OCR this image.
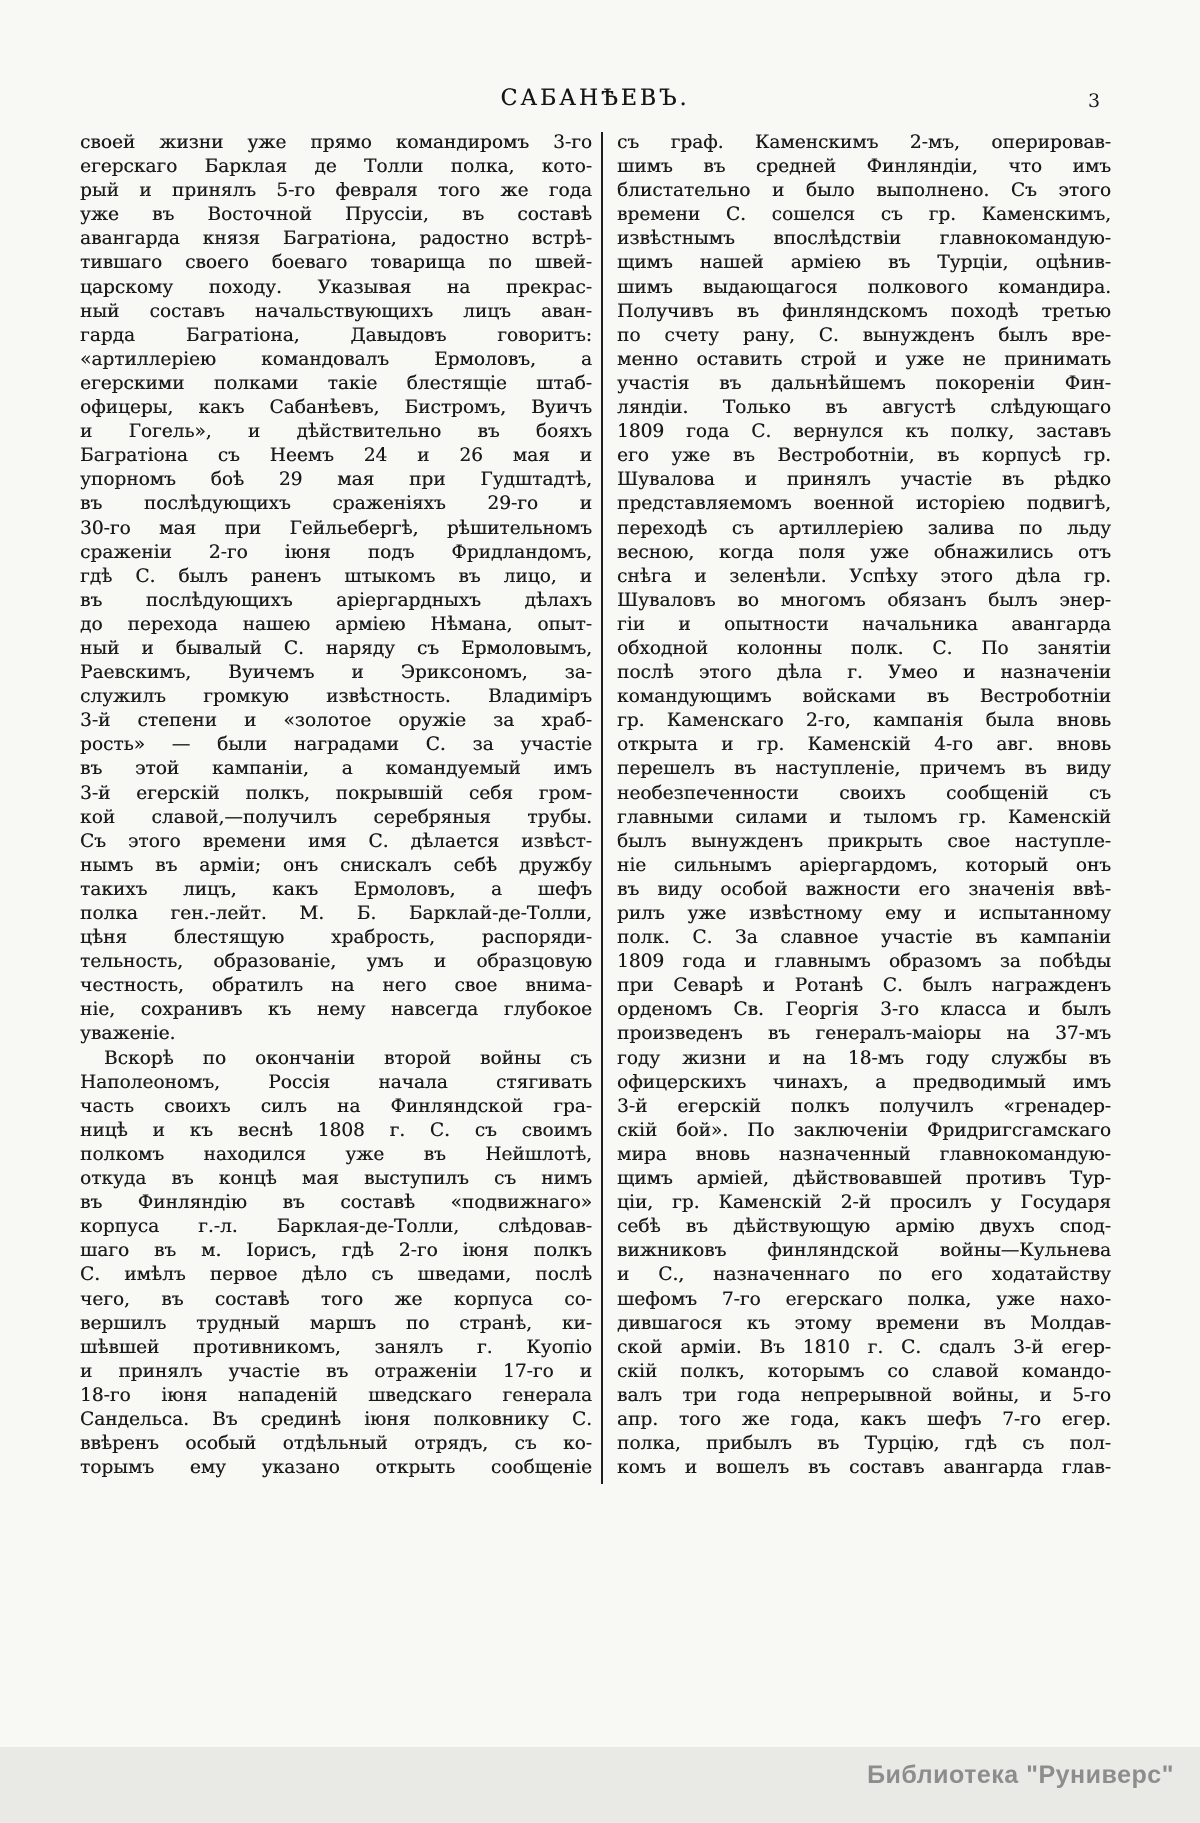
САБАНѢЕВЪ.	3
своей жизни уже прямо командиромъ 3-го
егерскаго Барклая де Толли полка, кото-
рый и принялъ 5-го февраля того же года
уже въ Восточной Пруссіи, въ составѣ
авангарда князя Багратіона, радостно встрѣ-
тившаго своего боеваго товарища по швей-
царскому походу. Указывая на прекрас-
ный составъ начальствующихъ лицъ аван-
гарда Багратіона, Давыдовъ говоритъ:
«артиллеріею командовалъ Ермоловъ, а
егерскими полками такіе блестящіе штаб-
офицеры, какъ Сабанѣевъ, Бистромъ, Вуичъ
и Гогель», и дѣйствительно въ бояхъ
Багратіона съ Неемъ 24 и 26 мая и
упорномъ боѣ 29 мая при Гудштадтѣ,
въ послѣдующихъ сраженіяхъ 29-го и
30-го мая при Гейльебергѣ, рѣшительномъ
сраженіи 2-го іюня подъ Фридландомъ,
гдѣ С. былъ раненъ штыкомъ въ лицо, и
въ послѣдующихъ аріергардныхъ дѣлахъ
до перехода нашею арміею Нѣмана, опыт-
ный и бывалый С. наряду съ Ермоловымъ,
Раевскимъ, Вуичемъ и Эриксономъ, за-
служилъ громкую извѣстность. Владиміръ
3-й степени и «золотое оружіе за храб-
рость» — были наградами С. за участіе
въ этой кампаніи, а командуемый имъ
3-й егерскій полкъ, покрывшій себя гром-
кой славой,—получилъ серебряныя трубы.
Съ этого времени имя С. дѣлается извѣст-
нымъ въ арміи; онъ снискалъ себѣ дружбу
такихъ лицъ, какъ Ермоловъ, а шефъ
полка ген.-лейт. М. Б. Барклай-де-Толли,
цѣня блестящую храбрость, распоряди-
тельность, образованіе, умъ и образцовую
честность, обратилъ на него свое внима-
ніе, сохранивъ къ нему навсегда глубокое
уваженіе.
Вскорѣ по окончаніи второй войны съ
Наполеономъ, Россія начала стягивать
часть своихъ силъ на Финляндской гра-
ницѣ и къ веснѣ 1808 г. С. съ своимъ
полкомъ находился уже въ Нейшлотѣ,
откуда въ концѣ мая выступилъ съ нимъ
въ Финляндію въ составѣ «подвижнаго»
корпуса г.-л. Барклая-де-Толли, слѣдовав-
шаго въ м. Іорисъ, гдѣ 2-го іюня полкъ
С. имѣлъ первое дѣло съ шведами, послѣ
чего, въ составѣ того же корпуса со-
вершилъ трудный маршъ по странѣ, ки-
шѣвшей противникомъ, занялъ г. Куопіо
и принялъ участіе въ отраженіи 17-го и
18-го іюня нападеній шведскаго генерала
Сандельса. Въ срединѣ іюня полковнику С.
ввѣренъ особый отдѣльный отрядъ, съ ко-
торымъ ему указано открыть сообщеніе
съ граф. Каменскимъ 2-мъ, оперировав-
шимъ въ средней Финляндіи, что имъ
блистательно и было выполнено. Съ этого
времени С. сошелся съ гр. Каменскимъ,
извѣстнымъ впослѣдствіи главнокомандую-
щимъ нашей арміею въ Турціи, оцѣнив-
шимъ выдающагося полкового командира.
Получивъ въ финляндскомъ походѣ третью
по счету рану, С. вынужденъ былъ вре-
менно оставить строй и уже не принимать
участія въ дальнѣйшемъ покореніи Фин-
ляндіи. Только въ августѣ слѣдующаго
1809 года С. вернулся къ полку, заставъ
его уже въ Вестроботніи, въ корпусѣ гр.
Шувалова и принялъ участіе въ рѣдко
представляемомъ военной исторіею подвигѣ,
переходѣ съ артиллеріею залива по льду
весною, когда поля уже обнажились отъ
снѣга и зеленѣли. Успѣху этого дѣла гр.
Шуваловъ во многомъ обязанъ былъ энер-
гіи и опытности начальника авангарда
обходной колонны полк. С. По занятіи
послѣ этого дѣла г. Умео и назначеніи
командующимъ войсками въ Вестроботніи
гр. Каменскаго 2-го, кампанія была вновь
открыта и гр. Каменскій 4-го авг. вновь
перешелъ въ наступленіе, причемъ въ виду
необезпеченности своихъ сообщеній съ
главными силами и тыломъ гр. Каменскій
былъ вынужденъ прикрыть свое наступле-
ніе сильнымъ аріергардомъ, который онъ
въ виду особой важности его значенія ввѣ-
рилъ уже извѣстному ему и испытанному
полк. С. За славное участіе въ кампаніи
1809 года и главнымъ образомъ за побѣды
при Севарѣ и Ротанѣ С. былъ награжденъ
орденомъ Св. Георгія 3-го класса и былъ
произведенъ въ генералъ-маіоры на 37-мъ
году жизни и на 18-мъ году службы въ
офицерскихъ чинахъ, а предводимый имъ
3-й егерскій полкъ получилъ «гренадер-
скій бой». По заключеніи Фридригсгамскаго
мира вновь назначенный главнокомандую-
щимъ арміей, дѣйствовавшей противъ Тур-
ціи, гр. Каменскій 2-й просилъ у Государя
себѣ въ дѣйствующую армію двухъ спод-
вижниковъ финляндской войны—Кульнева
и С., назначеннаго по его ходатайству
шефомъ 7-го егерскаго полка, уже нахо-
дившагося къ этому времени въ Молдав-
ской арміи. Въ 1810 г. С. сдалъ 3-й егер-
скій полкъ, которымъ со славой командо-
валъ три года непрерывной войны, и 5-го
апр. того же года, какъ шефъ 7-го егер.
полка, прибылъ въ Турцію, гдѣ съ пол-
комъ и вошелъ въ составъ авангарда глав-
Библиотека "Руниверс"
